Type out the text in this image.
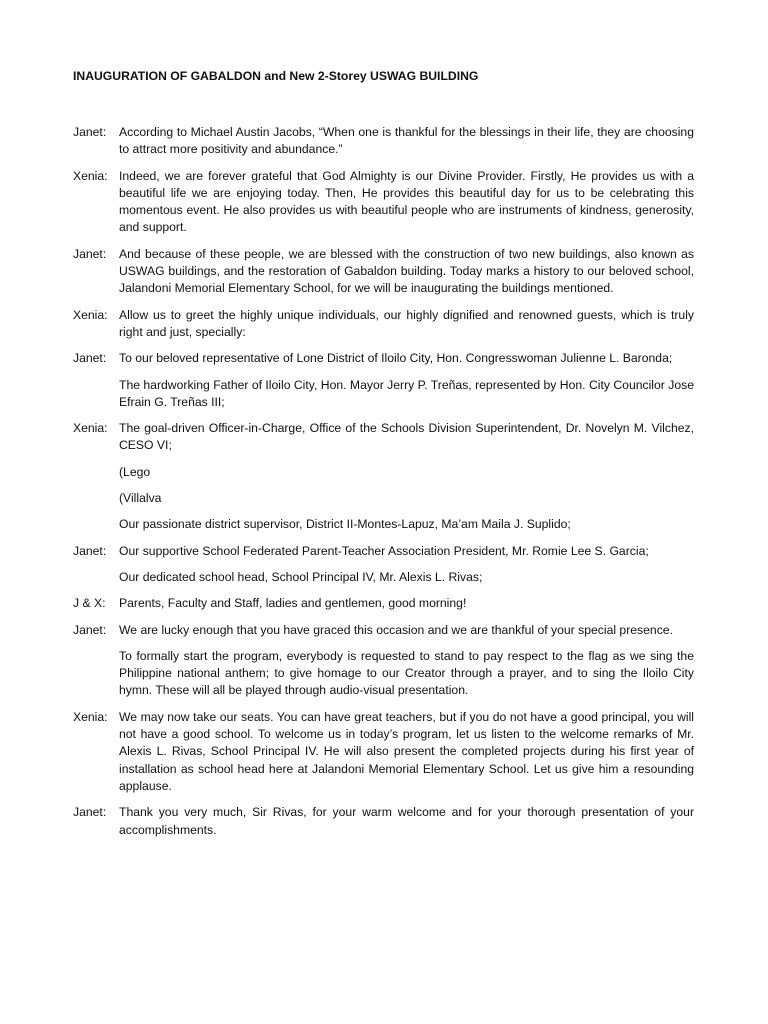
INAUGURATION OF GABALDON and New 2-Storey USWAG BUILDING
Janet:	According to Michael Austin Jacobs, “When one is thankful for the blessings in their life, they are choosing to attract more positivity and abundance.”
Xenia: Indeed, we are forever grateful that God Almighty is our Divine Provider. Firstly, He provides us with a beautiful life we are enjoying today. Then, He provides this beautiful day for us to be celebrating this momentous event. He also provides us with beautiful people who are instruments of kindness, generosity, and support.
Janet:	And because of these people, we are blessed with the construction of two new buildings, also known as USWAG buildings, and the restoration of Gabaldon building. Today marks a history to our beloved school, Jalandoni Memorial Elementary School, for we will be inaugurating the buildings mentioned.
Xenia: Allow us to greet the highly unique individuals, our highly dignified and renowned guests, which is truly right and just, specially:
Janet:	To our beloved representative of Lone District of Iloilo City, Hon. Congresswoman Julienne L. Baronda;
The hardworking Father of Iloilo City, Hon. Mayor Jerry P. Treñas, represented by Hon. City Councilor Jose Efrain G. Treñas III;
Xenia: The goal-driven Officer-in-Charge, Office of the Schools Division Superintendent, Dr. Novelyn M. Vilchez, CESO VI;
(Lego
(Villalva
Our passionate district supervisor, District II-Montes-Lapuz, Ma’am Maila J. Suplido;
Janet:	Our supportive School Federated Parent-Teacher Association President, Mr. Romie Lee S. Garcia;
Our dedicated school head, School Principal IV, Mr. Alexis L. Rivas;
J & X:	Parents, Faculty and Staff, ladies and gentlemen, good morning!
Janet:	We are lucky enough that you have graced this occasion and we are thankful of your special presence.
To formally start the program, everybody is requested to stand to pay respect to the flag as we sing the Philippine national anthem; to give homage to our Creator through a prayer, and to sing the Iloilo City hymn. These will all be played through audio-visual presentation.
Xenia: We may now take our seats. You can have great teachers, but if you do not have a good principal, you will not have a good school. To welcome us in today’s program, let us listen to the welcome remarks of Mr. Alexis L. Rivas, School Principal IV. He will also present the completed projects during his first year of installation as school head here at Jalandoni Memorial Elementary School. Let us give him a resounding applause.
Janet:	Thank you very much, Sir Rivas, for your warm welcome and for your thorough presentation of your accomplishments.
